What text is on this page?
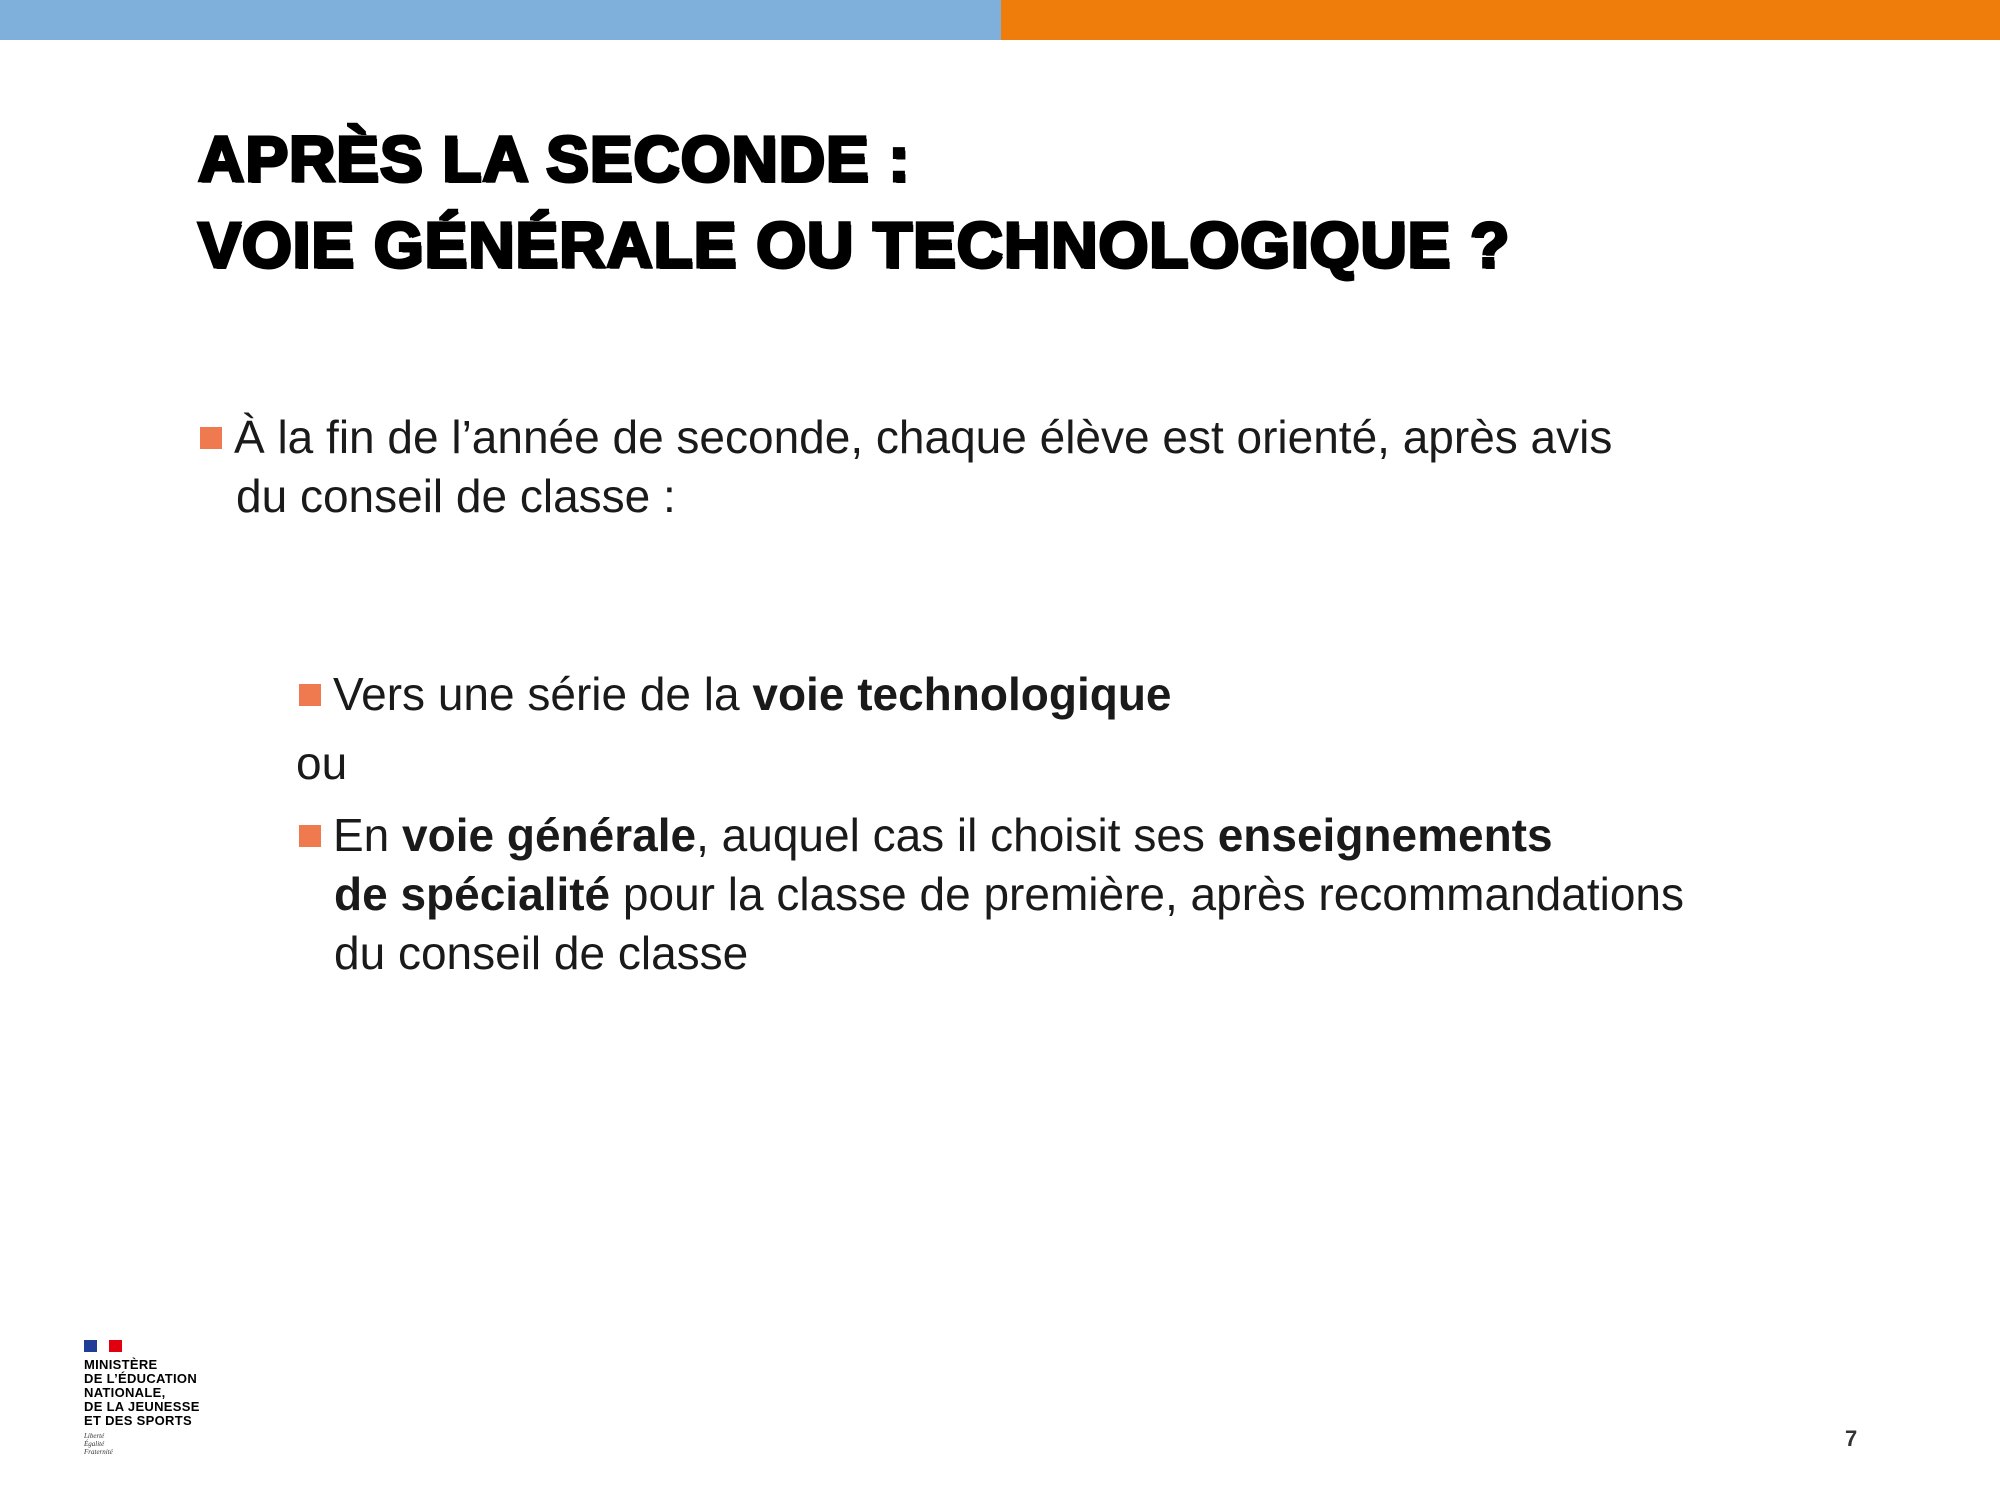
APRÈS LA SECONDE :
VOIE GÉNÉRALE OU TECHNOLOGIQUE ?
À la fin de l’année de seconde, chaque élève est orienté, après avis
du conseil de classe :
Vers une série de la voie technologique
ou
En voie générale, auquel cas il choisit ses enseignements
de spécialité pour la classe de première, après recommandations
du conseil de classe
MINISTÈRE
DE L’ÉDUCATION
NATIONALE,
DE LA JEUNESSE
ET DES SPORTS
Liberté
Égalité
Fraternité
7
